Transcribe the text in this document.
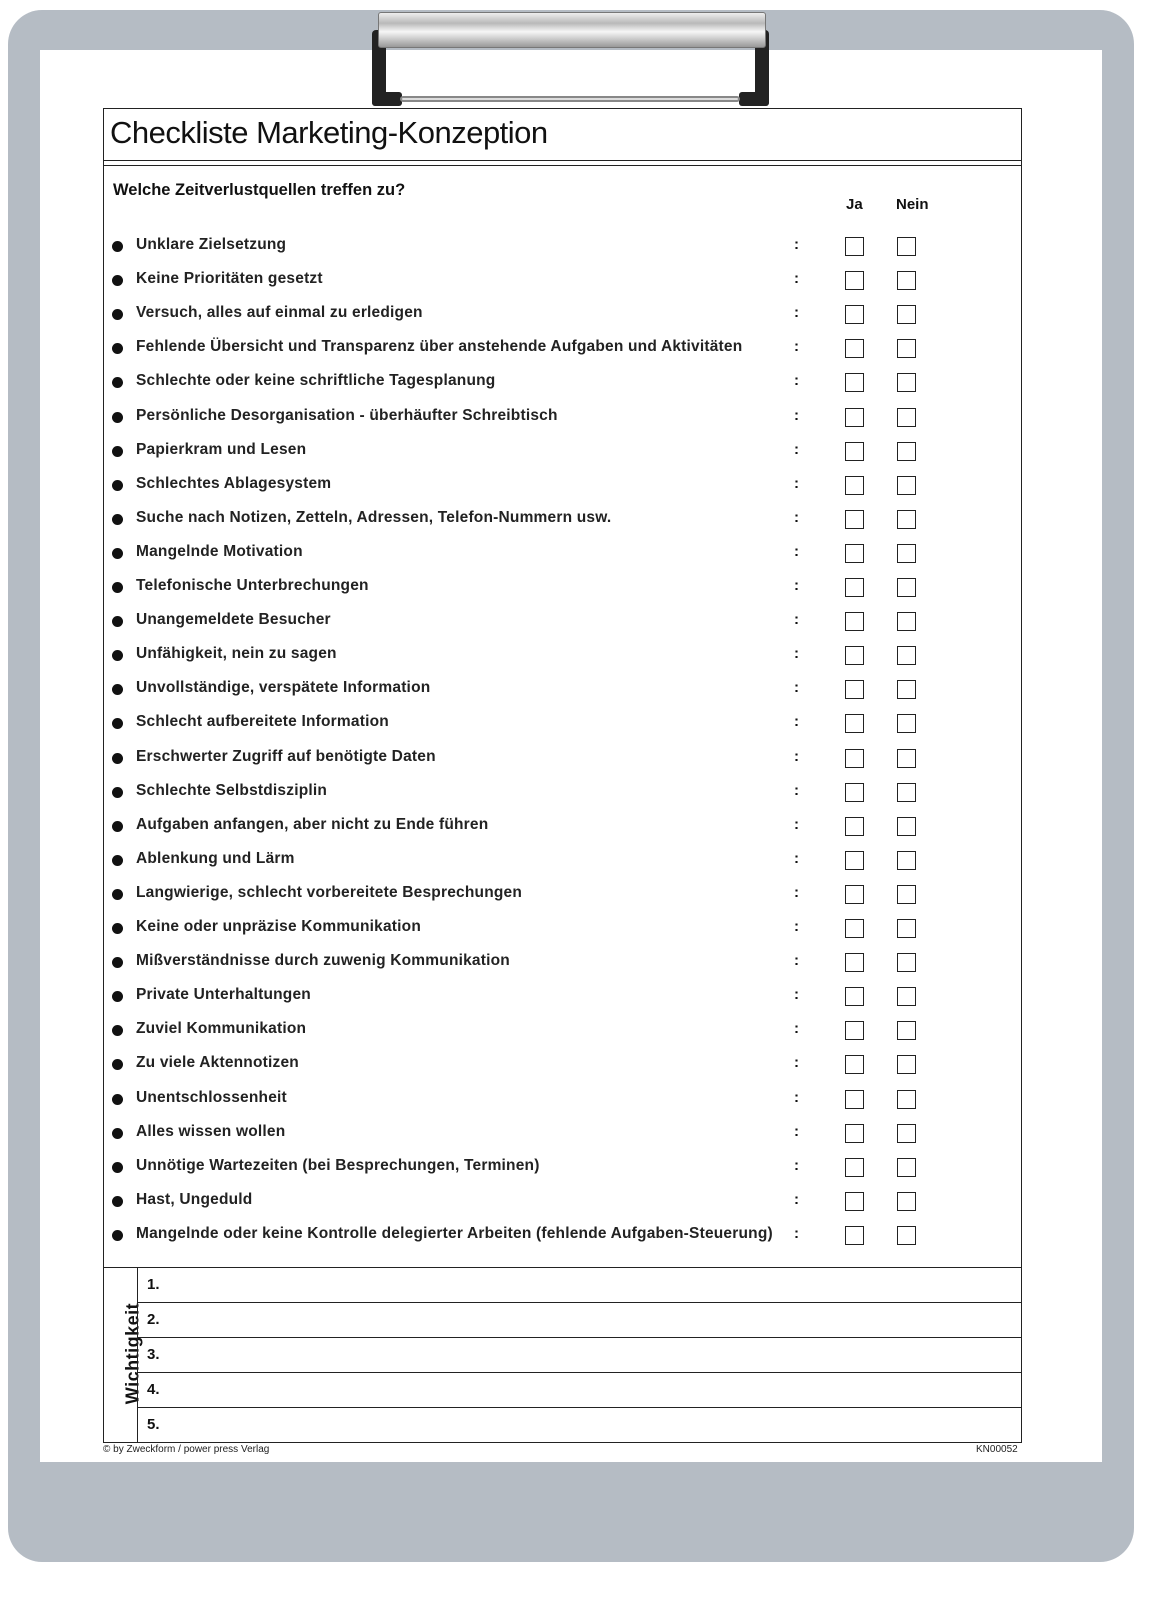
Checkliste Marketing-Konzeption
Welche Zeitverlustquellen treffen zu?
Ja Nein
Unklare Zielsetzung	:
Keine Prioritäten gesetzt	:
Versuch, alles auf einmal zu erledigen	:
Fehlende Übersicht und Transparenz über anstehende Aufgaben und Aktivitäten	:
Schlechte oder keine schriftliche Tagesplanung	:
Persönliche Desorganisation - überhäufter Schreibtisch	:
Papierkram und Lesen	:
Schlechtes Ablagesystem	:
Suche nach Notizen, Zetteln, Adressen, Telefon-Nummern usw.	:
Mangelnde Motivation	:
Telefonische Unterbrechungen	:
Unangemeldete Besucher	:
Unfähigkeit, nein zu sagen	:
Unvollständige, verspätete Information	:
Schlecht aufbereitete Information	:
Erschwerter Zugriff auf benötigte Daten	:
Schlechte Selbstdisziplin	:
Aufgaben anfangen, aber nicht zu Ende führen	:
Ablenkung und Lärm	:
Langwierige, schlecht vorbereitete Besprechungen	:
Keine oder unpräzise Kommunikation	:
Mißverständnisse durch zuwenig Kommunikation	:
Private Unterhaltungen	:
Zuviel Kommunikation	:
Zu viele Aktennotizen	:
Unentschlossenheit	:
Alles wissen wollen	:
Unnötige Wartezeiten (bei Besprechungen, Terminen)	:
Hast, Ungeduld	:
Mangelnde oder keine Kontrolle delegierter Arbeiten (fehlende Aufgaben-Steuerung) :
Wichtigkeit
1.
2.
3.
4.
5.
© by Zweckform / power press Verlag	KN00052
